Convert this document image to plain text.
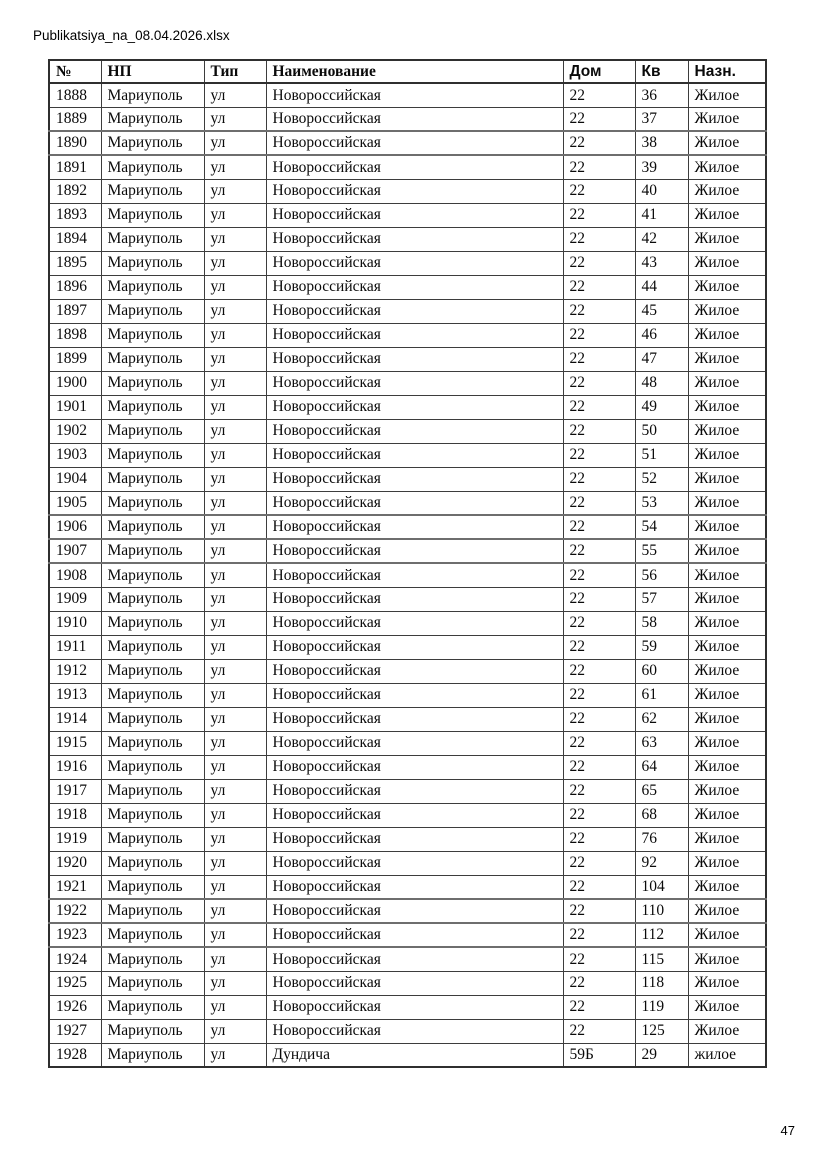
Publikatsiya_na_08.04.2026.xlsx
№	НП	Тип	Наименование	Дом	Кв	Назн.
1888	Мариуполь	ул	Новороссийская	22	36	Жилое
1889	Мариуполь	ул	Новороссийская	22	37	Жилое
1890	Мариуполь	ул	Новороссийская	22	38	Жилое
1891	Мариуполь	ул	Новороссийская	22	39	Жилое
1892	Мариуполь	ул	Новороссийская	22	40	Жилое
1893	Мариуполь	ул	Новороссийская	22	41	Жилое
1894	Мариуполь	ул	Новороссийская	22	42	Жилое
1895	Мариуполь	ул	Новороссийская	22	43	Жилое
1896	Мариуполь	ул	Новороссийская	22	44	Жилое
1897	Мариуполь	ул	Новороссийская	22	45	Жилое
1898	Мариуполь	ул	Новороссийская	22	46	Жилое
1899	Мариуполь	ул	Новороссийская	22	47	Жилое
1900	Мариуполь	ул	Новороссийская	22	48	Жилое
1901	Мариуполь	ул	Новороссийская	22	49	Жилое
1902	Мариуполь	ул	Новороссийская	22	50	Жилое
1903	Мариуполь	ул	Новороссийская	22	51	Жилое
1904	Мариуполь	ул	Новороссийская	22	52	Жилое
1905	Мариуполь	ул	Новороссийская	22	53	Жилое
1906	Мариуполь	ул	Новороссийская	22	54	Жилое
1907	Мариуполь	ул	Новороссийская	22	55	Жилое
1908	Мариуполь	ул	Новороссийская	22	56	Жилое
1909	Мариуполь	ул	Новороссийская	22	57	Жилое
1910	Мариуполь	ул	Новороссийская	22	58	Жилое
1911	Мариуполь	ул	Новороссийская	22	59	Жилое
1912	Мариуполь	ул	Новороссийская	22	60	Жилое
1913	Мариуполь	ул	Новороссийская	22	61	Жилое
1914	Мариуполь	ул	Новороссийская	22	62	Жилое
1915	Мариуполь	ул	Новороссийская	22	63	Жилое
1916	Мариуполь	ул	Новороссийская	22	64	Жилое
1917	Мариуполь	ул	Новороссийская	22	65	Жилое
1918	Мариуполь	ул	Новороссийская	22	68	Жилое
1919	Мариуполь	ул	Новороссийская	22	76	Жилое
1920	Мариуполь	ул	Новороссийская	22	92	Жилое
1921	Мариуполь	ул	Новороссийская	22	104	Жилое
1922	Мариуполь	ул	Новороссийская	22	110	Жилое
1923	Мариуполь	ул	Новороссийская	22	112	Жилое
1924	Мариуполь	ул	Новороссийская	22	115	Жилое
1925	Мариуполь	ул	Новороссийская	22	118	Жилое
1926	Мариуполь	ул	Новороссийская	22	119	Жилое
1927	Мариуполь	ул	Новороссийская	22	125	Жилое
1928	Мариуполь	ул	Дундича	59Б	29	жилое
47
